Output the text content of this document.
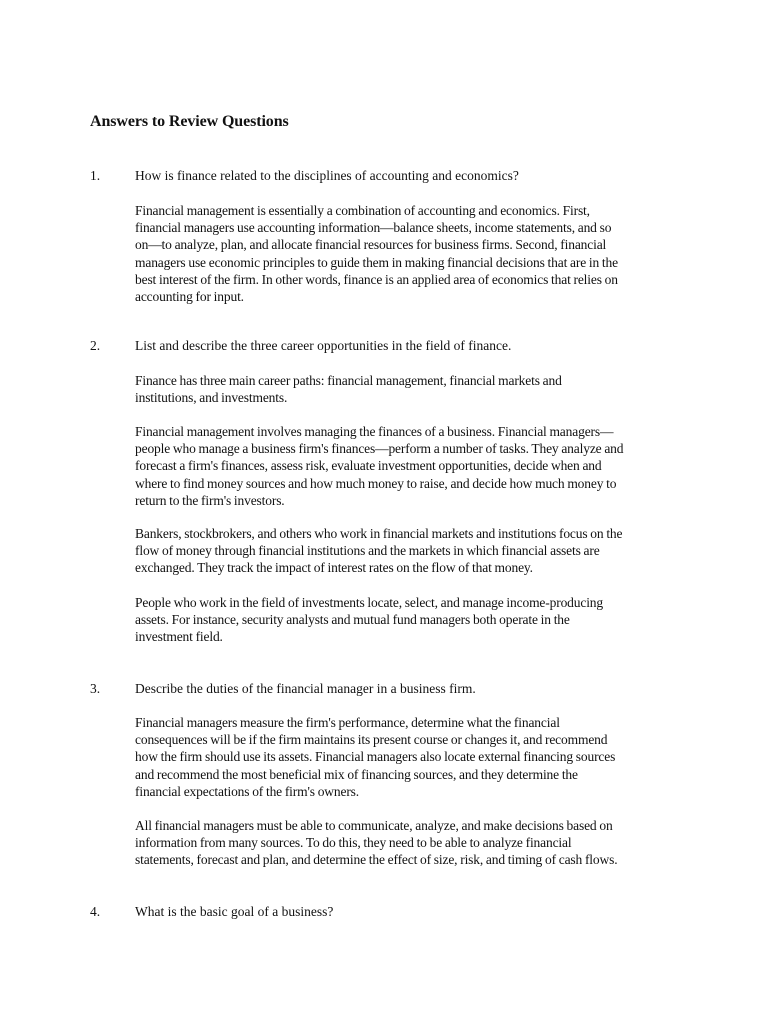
Answers to Review Questions
1.	How is finance related to the disciplines of accounting and economics?
Financial management is essentially a combination of accounting and economics. First,
financial managers use accounting information—balance sheets, income statements, and so
on—to analyze, plan, and allocate financial resources for business firms. Second, financial
managers use economic principles to guide them in making financial decisions that are in the
best interest of the firm. In other words, finance is an applied area of economics that relies on
accounting for input.
2.	List and describe the three career opportunities in the field of finance.
Finance has three main career paths: financial management, financial markets and
institutions, and investments.
Financial management involves managing the finances of a business. Financial managers—
people who manage a business firm's finances—perform a number of tasks. They analyze and
forecast a firm's finances, assess risk, evaluate investment opportunities, decide when and
where to find money sources and how much money to raise, and decide how much money to
return to the firm's investors.
Bankers, stockbrokers, and others who work in financial markets and institutions focus on the
flow of money through financial institutions and the markets in which financial assets are
exchanged. They track the impact of interest rates on the flow of that money.
People who work in the field of investments locate, select, and manage income-producing
assets. For instance, security analysts and mutual fund managers both operate in the
investment field.
3.	Describe the duties of the financial manager in a business firm.
Financial managers measure the firm's performance, determine what the financial
consequences will be if the firm maintains its present course or changes it, and recommend
how the firm should use its assets. Financial managers also locate external financing sources
and recommend the most beneficial mix of financing sources, and they determine the
financial expectations of the firm's owners.
All financial managers must be able to communicate, analyze, and make decisions based on
information from many sources. To do this, they need to be able to analyze financial
statements, forecast and plan, and determine the effect of size, risk, and timing of cash flows.
4.	What is the basic goal of a business?
